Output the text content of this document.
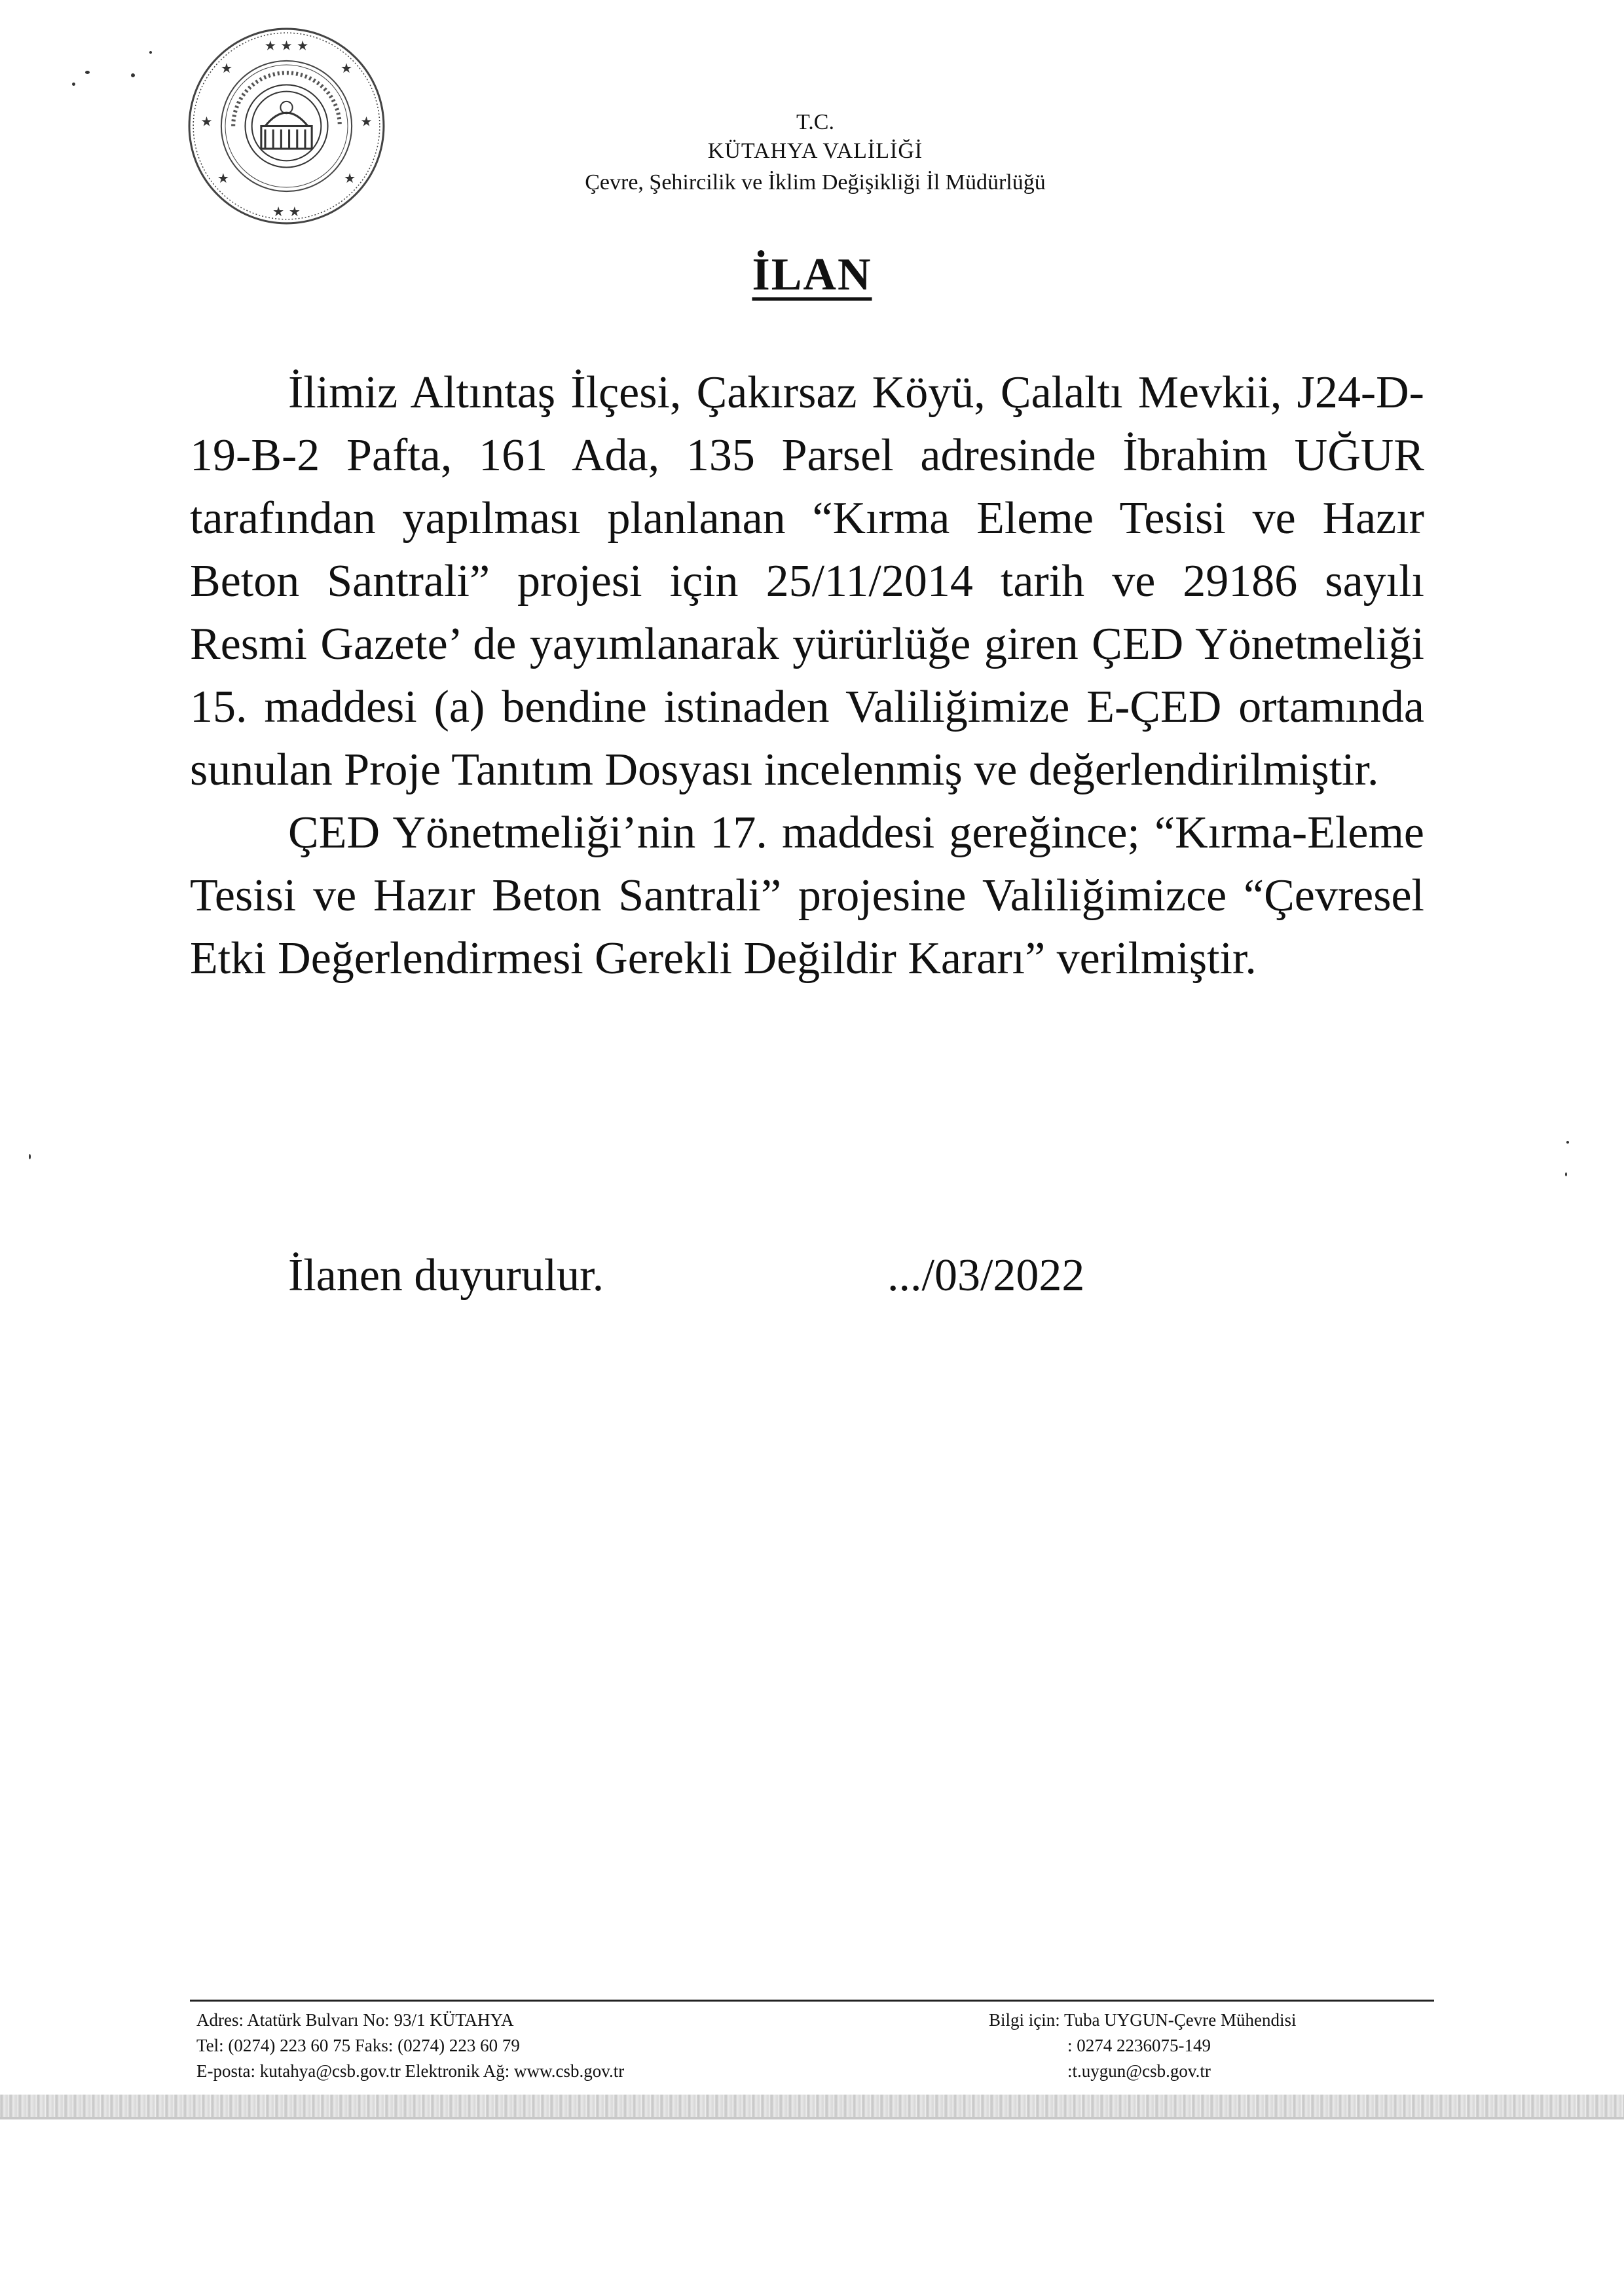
★ ★ ★
★	★
★	★
★	★
★ ★
T.C.
KÜTAHYA VALİLİĞİ
Çevre, Şehircilik ve İklim Değişikliği İl Müdürlüğü
İLAN

İlimiz Altıntaş İlçesi, Çakırsaz Köyü, Çalaltı Mevkii, J24-D-19-B-2 Pafta, 161 Ada, 135 Parsel adresinde İbrahim UĞUR tarafından yapılması planlanan “Kırma Eleme Tesisi ve Hazır Beton Santrali” projesi için 25/11/2014 tarih ve 29186 sayılı Resmi Gazete’ de yayımlanarak yürürlüğe giren ÇED Yönetmeliği 15. maddesi (a) bendine istinaden Valiliğimize E-ÇED ortamında sunulan Proje Tanıtım Dosyası incelenmiş ve değerlendirilmiştir.

ÇED Yönetmeliği’nin 17. maddesi gereğince; “Kırma-Eleme Tesisi ve Hazır Beton Santrali” projesine Valiliğimizce “Çevresel Etki Değerlendirmesi Gerekli Değildir Kararı” verilmiştir.

İlanen duyurulur.	.../03/2022
Adres: Atatürk Bulvarı No: 93/1 KÜTAHYA
Tel: (0274) 223 60 75 Faks: (0274) 223 60 79
E-posta: kutahya@csb.gov.tr Elektronik Ağ: www.csb.gov.tr
Bilgi için: Tuba UYGUN-Çevre Mühendisi
: 0274 2236075-149
:t.uygun@csb.gov.tr
